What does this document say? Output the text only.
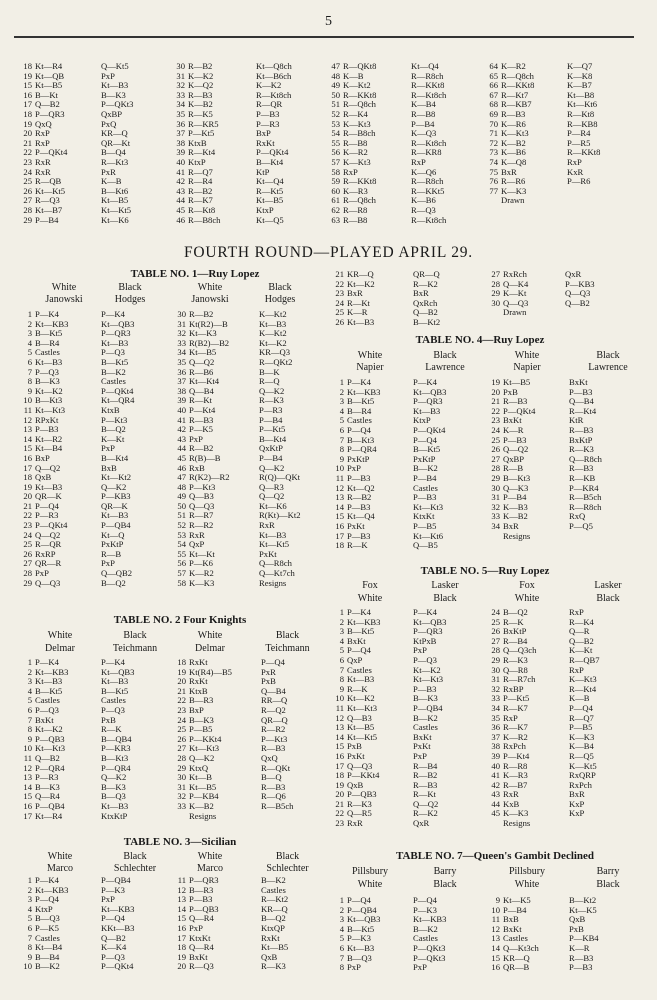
5
18 Kt—R4	Q—Kt5
19 Kt—QB	PxP
15 Kt—B5	Kt—B3
16 B—Kt	B—K3
17 Q—B2	P—QKt3
18 P—QR3	QxBP
19 QxQ	PxQ
20 RxP	KR—Q
21 RxP	QR—Kt
22 P—QKt4	B—Q4
23 RxR	R—Kt3
24 RxR	PxR
25 R—QB	K—B
26 Kt—Kt5	B—Kt6
27 R—Q3	Kt—B5
28 Kt—B7	Kt—Kt5
29 P—B4	Kt—K6
30 R—B2	Kt—Q8ch
31 K—K2	Kt—B6ch
32 K—Q2	K—K2
33 R—B3	R—Kt8ch
34 K—B2	R—QR
35 R—K5	P—B3
36 R—KR5	P—R3
37 P—Kt5	BxP
38 KtxB	RxKt
39 R—Kt4	P—QKt4
40 KtxP	B—Kt4
41 R—Q7	KtP
42 R—R4	Kt—Q4
43 R—B2	R—Kt5
44 R—K7	Kt—B5
45 R—Kt8	KtxP
46 R—B8ch	Kt—Q5
47 R—QKt8	Kt—Q4
48 K—B	R—R8ch
49 K—Kt2	R—KKt8
50 R—KKt8	R—Kt8ch
51 R—Q8ch	K—B4
52 R—K4	R—B8
53 K—Kt3	P—B4
54 R—B8ch	K—Q3
55 R—B8	R—Kt8ch
56 K—R2	R—KR8
57 K—Kt3	RxP
58 RxP	K—Q6
59 R—KKt8	R—R8ch
60 K—R3	R—KKt5
61 R—Q8ch	K—B6
62 R—R8	R—Q3
63 R—B8	R—Kt8ch
64 K—R2	K—Q7
65 R—Q8ch	K—K8
66 R—KKt8	K—B7
67 R—Kt7	Kt—B8
68 R—KB7	Kt—Kt6
69 R—B3	R—Kt8
70 K—R6	R—KB8
71 K—Kt3	P—R4
72 K—B2	P—R5
73 K—B6	R—KKt8
74 K—Q8	RxP
75 BxR	KxR
76 R—R6	P—R6
77 K—K3
Drawn
FOURTH ROUND—PLAYED APRIL 29.
TABLE NO. 1—Ruy Lopez
White	Black	White	Black
Janowski	Hodges	Janowski	Hodges
1 P—K4	P—K4
2 Kt—KB3	Kt—QB3
3 B—Kt5	P—QR3
4 B—R4	Kt—B3
5 Castles	P—Q3
6 Kt—B3	B—Kt5
7 P—Q3	B—K2
8 B—K3	Castles
9 Kt—K2	P—QKt4
10 B—Kt3	Kt—QR4
11 Kt—Kt3	KtxB
12 RPxKt	P—Kt3
13 P—B3	B—Q2
14 Kt—R2	K—Kt
15 Kt—B4	PxP
16 BxP	B—Kt4
17 Q—Q2	BxB
18 QxB	Kt—Kt2
19 Kt—B3	Q—K2
20 QR—K	P—KB3
21 P—Q4	QR—K
22 P—R3	Kt—B3
23 P—QKt4	P—QB4
24 Q—Q2	Kt—Q
25 R—QR	PxKtP
26 RxRP	R—B
27 QR—R	PxP
28 PxP	Q—QB2
29 Q—Q3	B—Q2
30 R—B2	K—Kt2
31 Kt(R2)—B	Kt—B3
32 Kt—K3	K—Kt2
33 R(B2)—B2	Kt—K2
34 Kt—B5	KR—Q3
35 Q—Q2	R—QKt2
36 R—B6	B—K
37 Kt—Kt4	R—Q
38 Q—B4	Q—K2
39 R—Kt	R—K3
40 P—Kt4	P—R3
41 R—B3	P—B4
42 P—K5	P—Kt5
43 PxP	B—Kt4
44 R—B2	QxKtP
45 R(B)—B	P—B4
46 RxB	Q—K2
47 R(K2)—R2	R(Q)—QKt
48 P—Kt3	Q—R3
49 Q—B3	Q—Q2
50 Q—Q3	Kt—K6
51 R—R7	R(Kt)—Kt2
52 R—R2	RxR
53 RxR	Kt—B3
54 QxP	Kt—Kt5
55 Kt—Kt	PxKt
56 P—K6	Q—R8ch
57 K—R2	Q—Kt7ch
58 K—K3	Resigns
21 KR—Q	QR—Q
22 Kt—K2	R—K2
23 BxR	BxR
24 R—Kt	QxRch
25 K—R	Q—B2
26 Kt—B3	B—Kt2
27 RxRch	QxR
28 Q—K4	P—KB3
29 K—Kt	Q—Q3
30 Q—Q3	Q—B2
Drawn
TABLE NO. 4—Ruy Lopez
White	Black	White	Black
Napier	Lawrence	Napier	Lawrence
1 P—K4	P—K4
2 Kt—KB3	Kt—QB3
3 B—Kt5	P—QR3
4 B—R4	Kt—B3
5 Castles	KtxP
6 P—Q4	P—QKt4
7 B—Kt3	P—Q4
8 P—QR4	B—Kt5
9 PxKtP	PxKtP
10 PxP	B—K2
11 P—B3	P—B4
12 Kt—Q2	Castles
13 R—B2	P—B3
14 P—B3	Kt—Kt3
15 Kt—Q4	KtxKt
16 PxKt	P—B5
17 P—B3	Kt—Kt6
18 R—K	Q—B5
19 Kt—B5	BxKt
20 PxB	P—B3
21 R—B3	Q—B4
22 P—QKt4	R—Kt4
23 BxKt	KtR
24 K—R	R—B3
25 P—B3	BxKtP
26 Q—Q2	R—K3
27 QxBP	Q—R8ch
28 R—B	R—B3
29 B—Kt3	R—KB
30 Q—K3	P—KR4
31 P—B4	R—B5ch
32 K—B3	R—R8ch
33 K—B2	RxQ
34 BxR	P—Q5
Resigns
TABLE NO. 5—Ruy Lopez
Fox	Lasker	Fox	Lasker
White	Black	White	Black
1 P—K4	P—K4
2 Kt—KB3	Kt—QB3
3 B—Kt5	P—QR3
4 BxKt	KtPxB
5 P—Q4	PxP
6 QxP	P—Q3
7 Castles	Kt—K2
8 Kt—B3	Kt—Kt3
9 R—K	P—B3
10 Kt—K2	B—K3
11 Kt—Kt3	P—QB4
12 Q—B3	B—K2
13 Kt—B5	Castles
14 Kt—Kt5	BxKt
15 PxB	PxKt
16 PxKt	PxP
17 Q—Q3	R—B4
18 P—KKt4	R—B2
19 QxB	R—B3
20 P—QB3	R—Kt
21 R—K3	Q—Q2
22 Q—R5	R—K2
23 RxR	QxR
24 B—Q2	RxP
25 R—K	R—K4
26 BxKtP	Q—R
27 R—B4	Q—B2
28 Q—Q3ch	K—Kt
29 R—K3	R—QB7
30 Q—R8	RxP
31 R—R7ch	K—Kt3
32 RxBP	R—Kt4
33 P—Kt5	K—B
34 R—K7	P—Q4
35 RxP	R—Q7
36 R—K7	P—B5
37 K—R2	K—K3
38 RxPch	K—B4
39 P—Kt4	R—Q5
40 R—R8	K—Kt5
41 K—R3	RxQRP
42 R—B7	RxPch
43 RxR	BxR
44 KxB	KxP
45 K—K3	KxP
Resigns
TABLE NO. 2 Four Knights
White	Black	White	Black
Delmar	Teichmann	Delmar	Teichmann
1 P—K4	P—K4
2 Kt—KB3	Kt—QB3
3 Kt—B3	Kt—B3
4 B—Kt5	B—Kt5
5 Castles	Castles
6 P—Q3	P—Q3
7 BxKt	PxB
8 Kt—K2	R—K
9 P—QB3	B—QB4
10 Kt—Kt3	P—KR3
11 Q—B2	B—Kt3
12 P—QR4	P—QR4
13 P—R3	Q—K2
14 B—K3	B—K3
15 Q—R4	B—Q3
16 P—QB4	Kt—B3
17 Kt—R4	KtxKtP
18 RxKt	P—Q4
19 Kt(R4)—B5	PxR
20 RxKt	PxB
21 KtxB	Q—B4
22 B—R3	RR—Q
23 BxP	R—Q2
24 B—K3	QR—Q
25 P—B5	R—R2
26 P—KKt4	P—Kt3
27 Kt—Kt3	R—B3
28 Q—K2	QxQ
29 KtxQ	R—QKt
30 Kt—B	B—Q
31 Kt—B5	R—B3
32 P—KB4	R—Q6
33 K—B2	R—B5ch
Resigns
TABLE NO. 3—Sicilian
White	Black	White	Black
Marco	Schlechter	Marco	Schlechter
1 P—K4	P—QB4
2 Kt—KB3	P—K3
3 P—Q4	PxP
4 KtxP	Kt—KB3
5 B—Q3	P—Q4
6 P—K5	KKt—B3
7 Castles	Q—B2
8 Kt—B4	K—K4
9 B—B4	P—Q3
10 B—K2	P—QKt4
11 P—QR3	B—K2
12 B—R3	Castles
13 P—B3	R—Kt2
14 P—QB3	KR—Q
15 Q—R4	B—Q2
16 PxP	KtxQP
17 KtxKt	RxKt
18 Q—R4	Kt—B5
19 BxKt	QxB
20 R—Q3	R—K3
TABLE NO. 7—Queen's Gambit Declined
Pillsbury	Barry	Pillsbury	Barry
White	Black	White	Black
1 P—Q4	P—Q4
2 P—QB4	P—K3
3 Kt—QB3	Kt—KB3
4 B—Kt5	B—K2
5 P—K3	Castles
6 Kt—B3	P—QKt3
7 B—Q3	P—QKt3
8 PxP	PxP
9 Kt—K5	B—Kt2
10 P—B4	Kt—K5
11 BxB	QxB
12 BxKt	PxB
13 Castles	P—KB4
14 Q—Kt3ch	K—R
15 KR—Q	R—B3
16 QR—B	P—B3
